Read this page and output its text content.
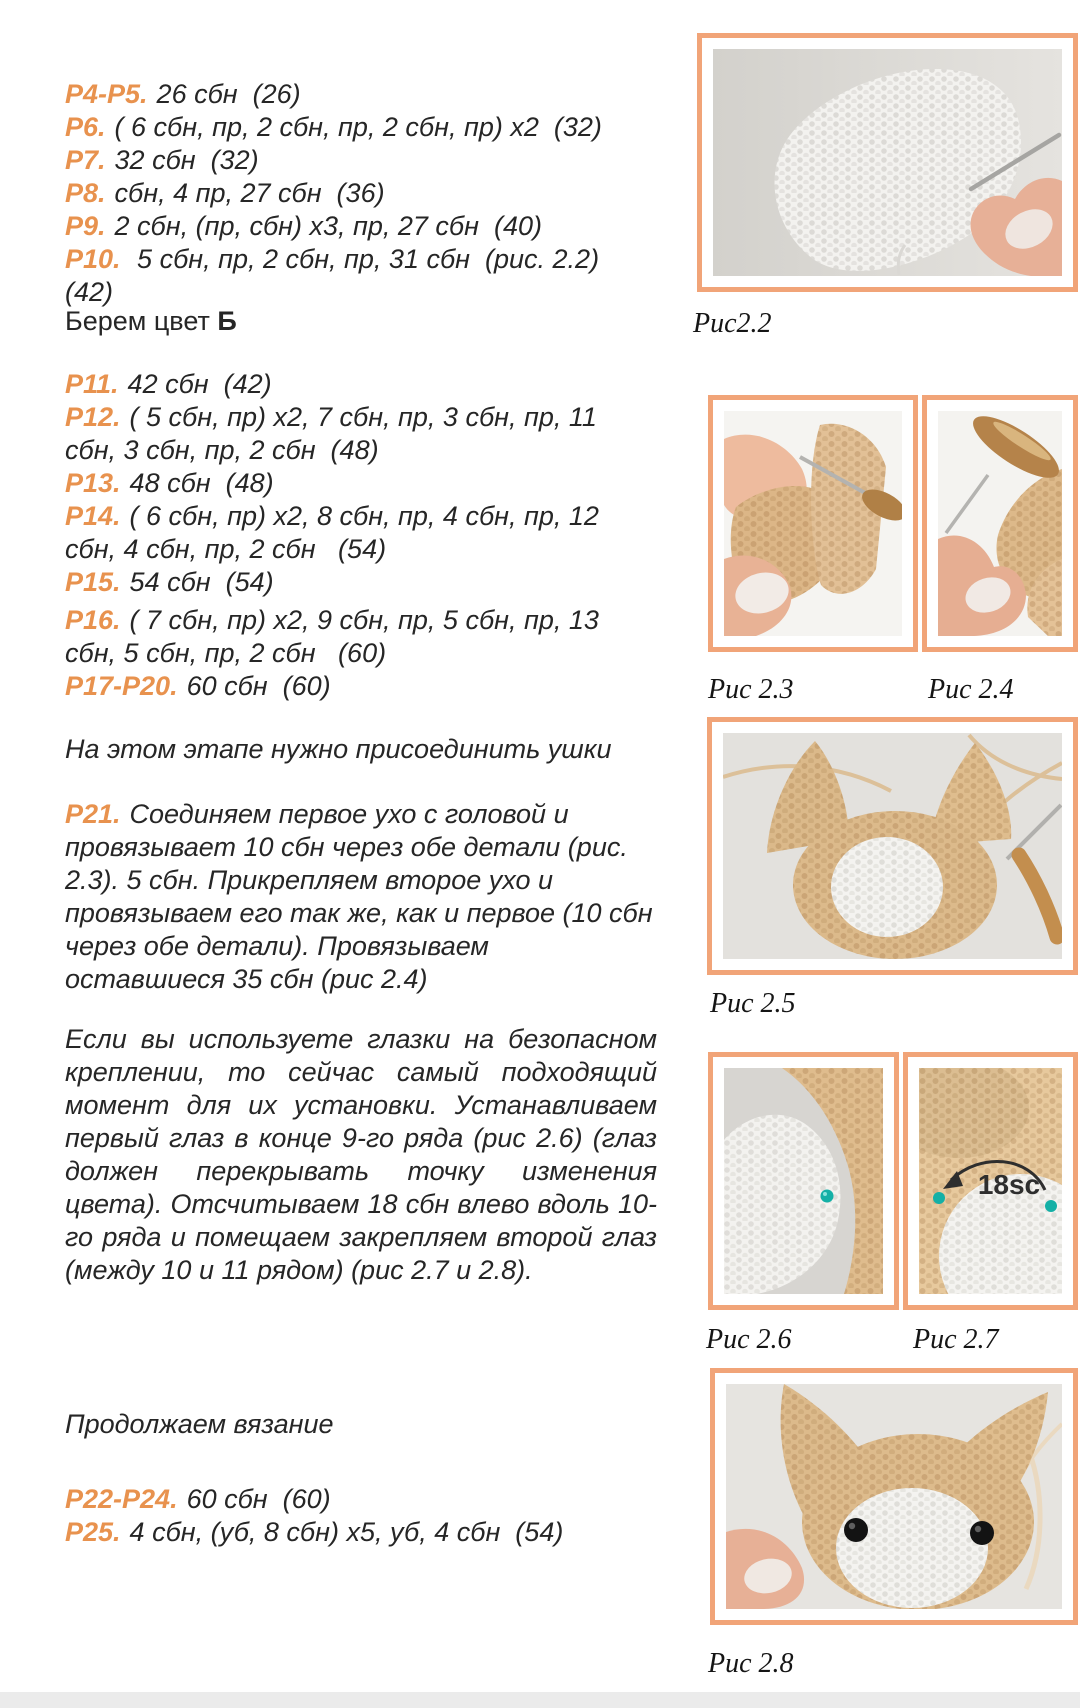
Р4-Р5. 26 сбн  (26)
Р6. ( 6 сбн, пр, 2 сбн, пр, 2 сбн, пр) х2  (32)
Р7. 32 сбн  (32)
Р8. сбн, 4 пр, 27 сбн  (36)
Р9. 2 сбн, (пр, сбн) х3, пр, 27 сбн  (40)
Р10. 5 сбн, пр, 2 сбн, пр, 31 сбн  (рис. 2.2)  (42)
Берем цвет Б
Р11. 42 сбн  (42)
Р12. ( 5 сбн, пр) х2, 7 сбн, пр, 3 сбн, пр, 11 сбн, 3 сбн, пр, 2 сбн  (48)
Р13. 48 сбн  (48)
Р14. ( 6 сбн, пр) х2, 8 сбн, пр, 4 сбн, пр, 12 сбн, 4 сбн, пр, 2 сбн   (54)
Р15. 54 сбн  (54)
Р16. ( 7 сбн, пр) х2, 9 сбн, пр, 5 сбн, пр, 13 сбн, 5 сбн, пр, 2 сбн   (60)
Р17-Р20. 60 сбн  (60)
На этом этапе нужно присоединить ушки
Р21. Соединяем первое ухо с головой и провязывает 10 сбн через обе детали (рис. 2.3). 5 сбн. Прикрепляем второе ухо и провязываем его так же, как и первое (10 сбн через обе детали). Провязываем оставшиеся 35 сбн (рис 2.4)
Если вы используете глазки на безопасном креплении, то сейчас самый подходящий момент для их установки. Устанавливаем первый глаз в конце 9-го ряда (рис 2.6) (глаз должен перекрывать точку изменения цвета). Отсчитываем 18 сбн влево вдоль 10-го ряда и помещаем закрепляем второй глаз (между 10 и 11 рядом) (рис 2.7 и 2.8).
Продолжаем вязание
Р22-Р24. 60 сбн  (60)
Р25. 4 сбн, (уб, 8 сбн) х5, уб, 4 сбн  (54)
Рис2.2
Рис 2.3	Рис 2.4
Рис 2.5
18sc
Рис 2.6	Рис 2.7
Рис 2.8
